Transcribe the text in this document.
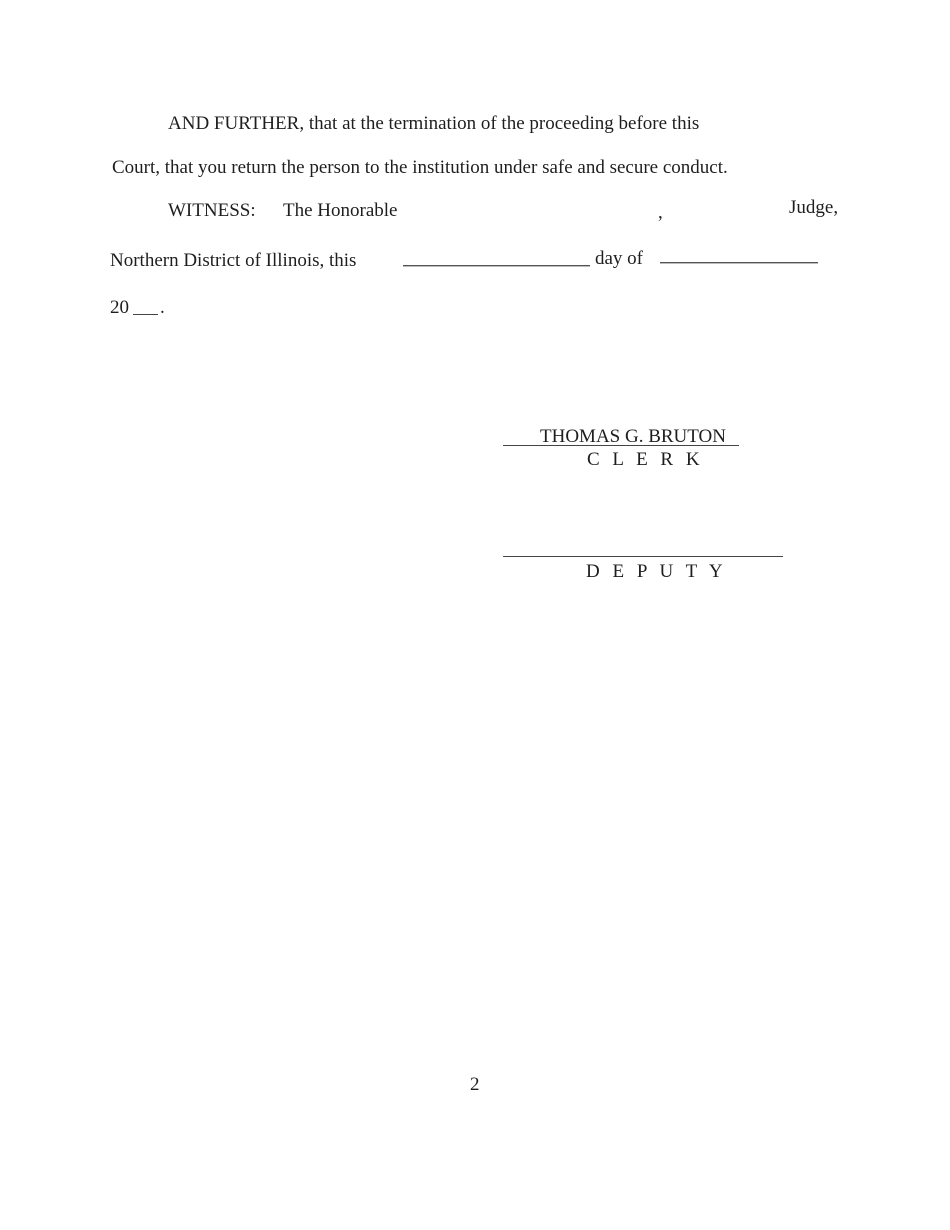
AND FURTHER, that at the termination of the proceeding before this
Court, that you return the person to the institution under safe and secure conduct.
WITNESS: The Honorable	,	Judge,
Northern District of Illinois, this	day of
20 .
THOMAS G. BRUTON
C L E R K
D E P U T Y
2
